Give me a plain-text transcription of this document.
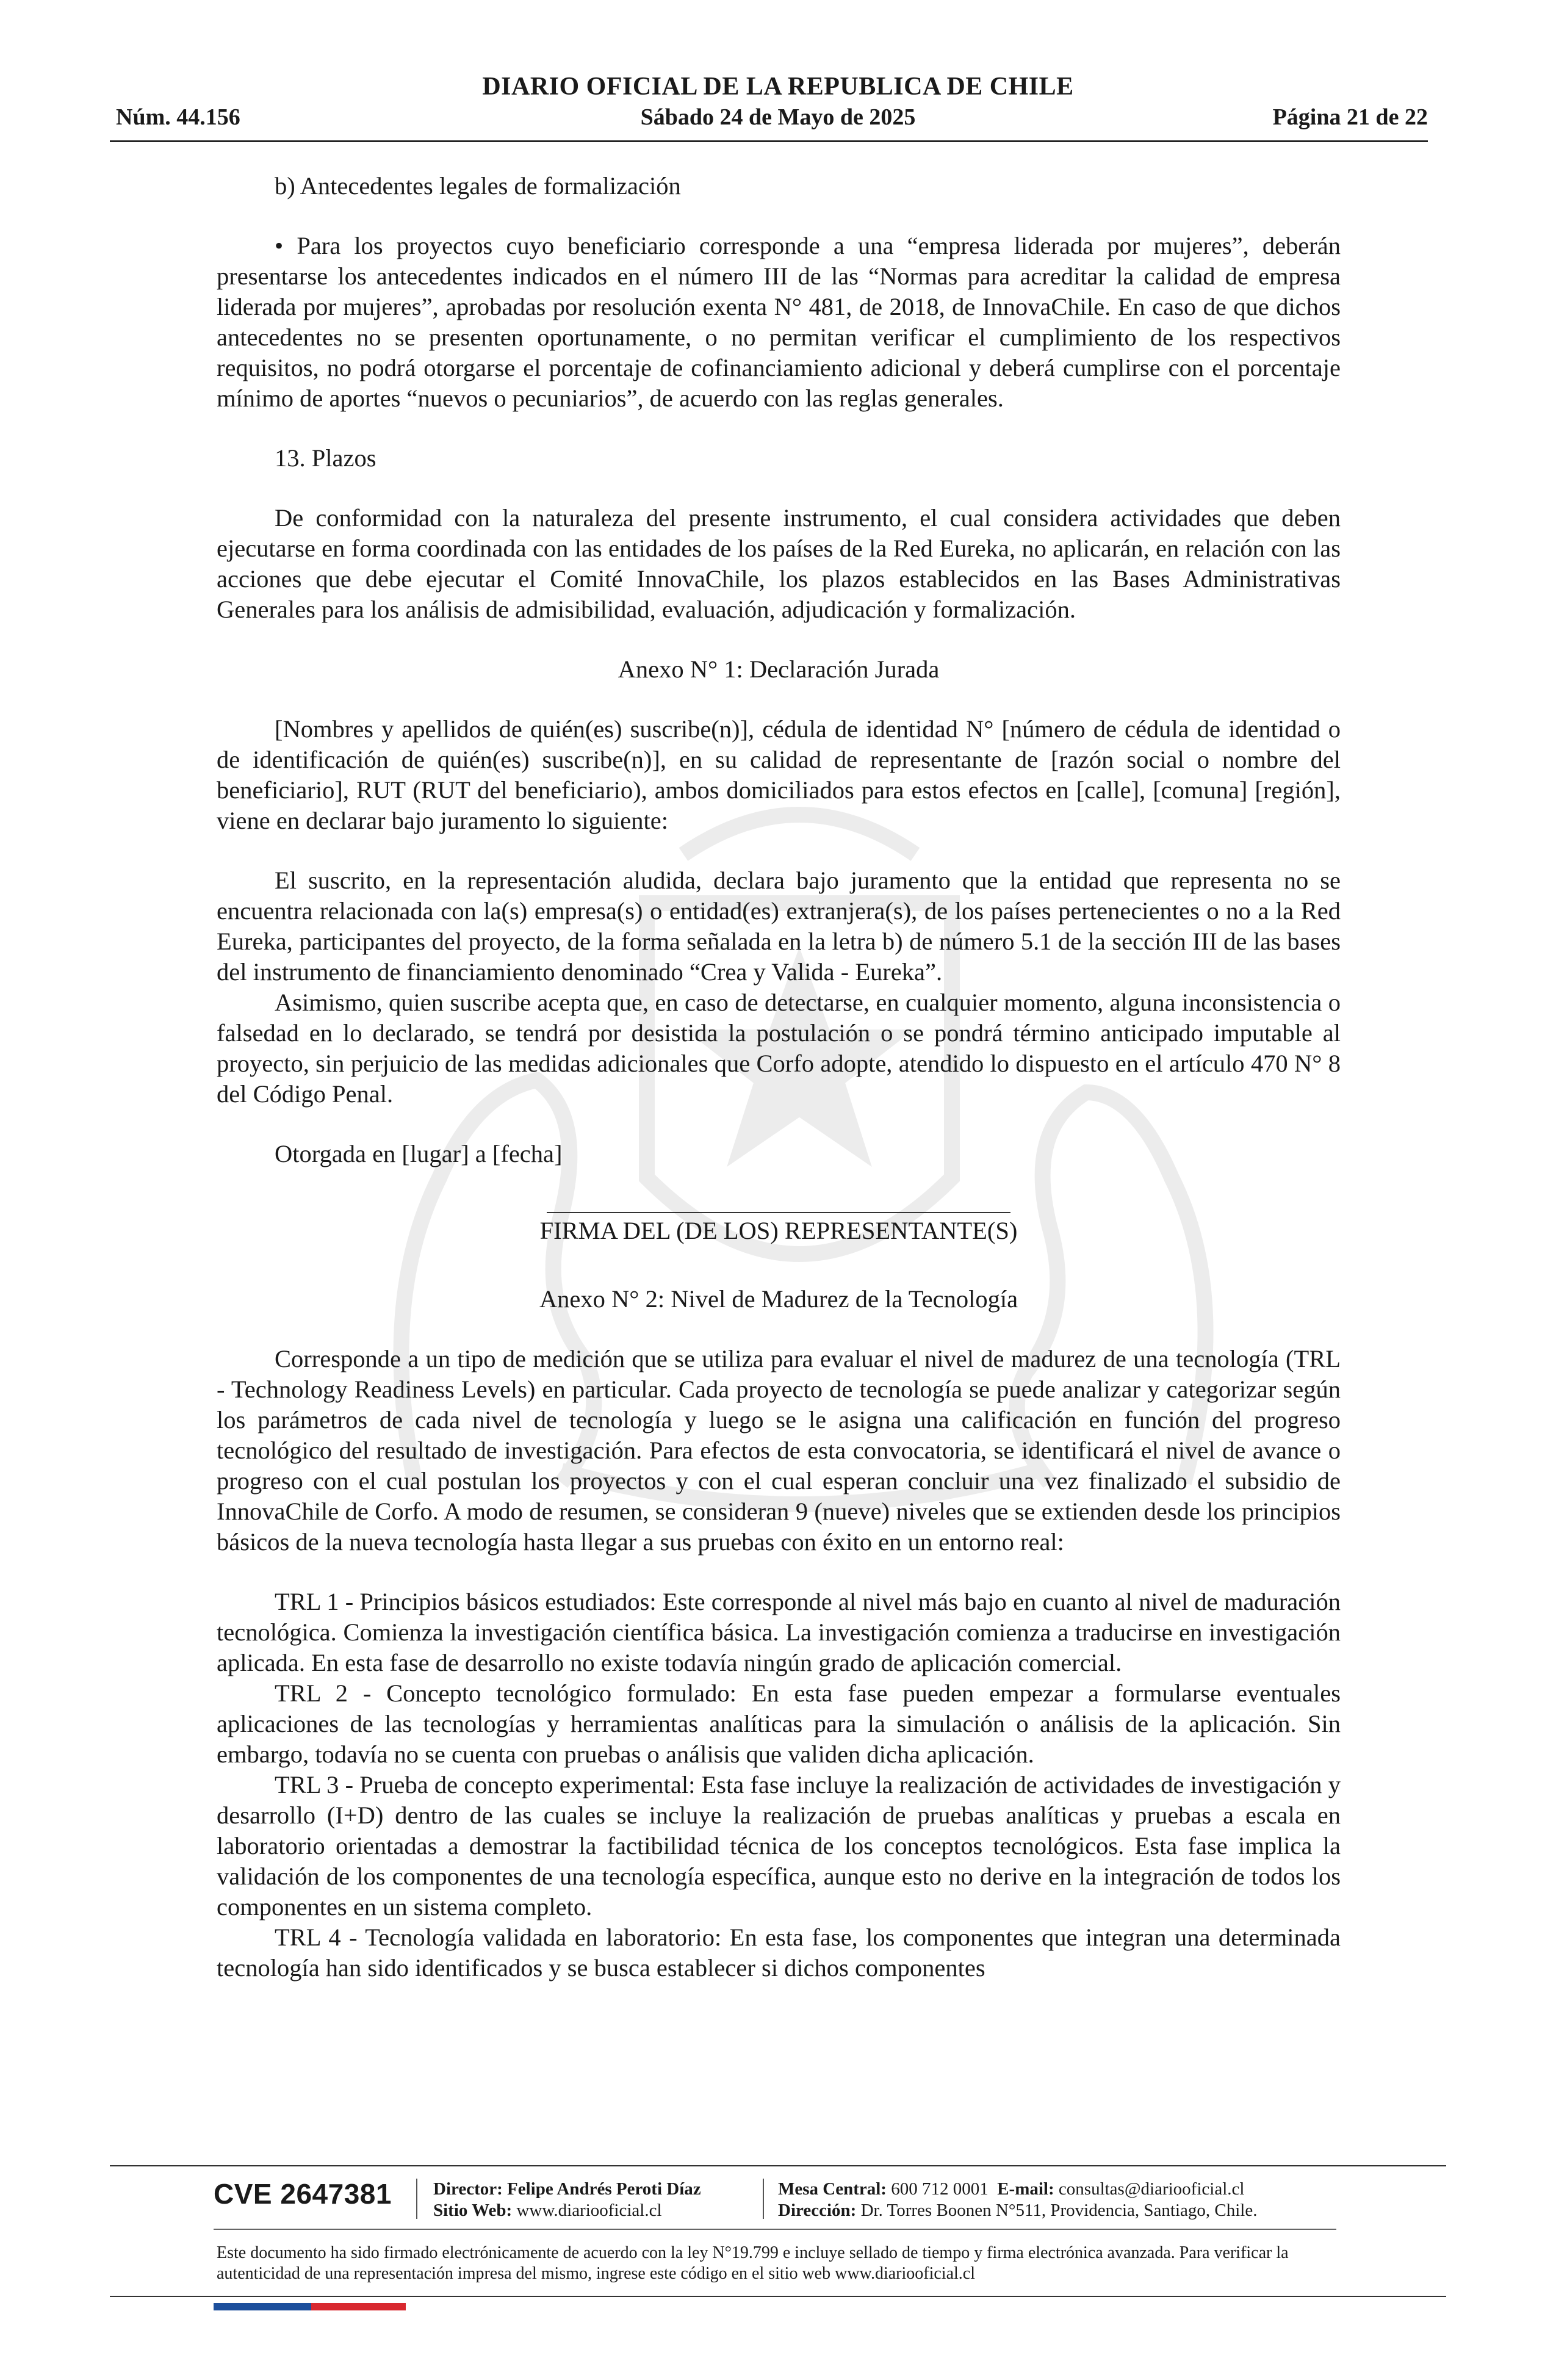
DIARIO OFICIAL DE LA REPUBLICA DE CHILE
Núm. 44.156	Sábado 24 de Mayo de 2025	Página 21 de 22

b) Antecedentes legales de formalización

• Para los proyectos cuyo beneficiario corresponde a una “empresa liderada por mujeres”, deberán presentarse los antecedentes indicados en el número III de las “Normas para acreditar la calidad de empresa liderada por mujeres”, aprobadas por resolución exenta N° 481, de 2018, de InnovaChile. En caso de que dichos antecedentes no se presenten oportunamente, o no permitan verificar el cumplimiento de los respectivos requisitos, no podrá otorgarse el porcentaje de cofinanciamiento adicional y deberá cumplirse con el porcentaje mínimo de aportes “nuevos o pecuniarios”, de acuerdo con las reglas generales.

13. Plazos

De conformidad con la naturaleza del presente instrumento, el cual considera actividades que deben ejecutarse en forma coordinada con las entidades de los países de la Red Eureka, no aplicarán, en relación con las acciones que debe ejecutar el Comité InnovaChile, los plazos establecidos en las Bases Administrativas Generales para los análisis de admisibilidad, evaluación, adjudicación y formalización.

Anexo N° 1: Declaración Jurada

[Nombres y apellidos de quién(es) suscribe(n)], cédula de identidad N° [número de cédula de identidad o de identificación de quién(es) suscribe(n)], en su calidad de representante de [razón social o nombre del beneficiario], RUT (RUT del beneficiario), ambos domiciliados para estos efectos en [calle], [comuna] [región], viene en declarar bajo juramento lo siguiente:

El suscrito, en la representación aludida, declara bajo juramento que la entidad que representa no se encuentra relacionada con la(s) empresa(s) o entidad(es) extranjera(s), de los países pertenecientes o no a la Red Eureka, participantes del proyecto, de la forma señalada en la letra b) de número 5.1 de la sección III de las bases del instrumento de financiamiento denominado “Crea y Valida - Eureka”.

Asimismo, quien suscribe acepta que, en caso de detectarse, en cualquier momento, alguna inconsistencia o falsedad en lo declarado, se tendrá por desistida la postulación o se pondrá término anticipado imputable al proyecto, sin perjuicio de las medidas adicionales que Corfo adopte, atendido lo dispuesto en el artículo 470 N° 8 del Código Penal.

Otorgada en [lugar] a [fecha]

FIRMA DEL (DE LOS) REPRESENTANTE(S)

Anexo N° 2: Nivel de Madurez de la Tecnología

Corresponde a un tipo de medición que se utiliza para evaluar el nivel de madurez de una tecnología (TRL - Technology Readiness Levels) en particular. Cada proyecto de tecnología se puede analizar y categorizar según los parámetros de cada nivel de tecnología y luego se le asigna una calificación en función del progreso tecnológico del resultado de investigación. Para efectos de esta convocatoria, se identificará el nivel de avance o progreso con el cual postulan los proyectos y con el cual esperan concluir una vez finalizado el subsidio de InnovaChile de Corfo. A modo de resumen, se consideran 9 (nueve) niveles que se extienden desde los principios básicos de la nueva tecnología hasta llegar a sus pruebas con éxito en un entorno real:

TRL 1 - Principios básicos estudiados: Este corresponde al nivel más bajo en cuanto al nivel de maduración tecnológica. Comienza la investigación científica básica. La investigación comienza a traducirse en investigación aplicada. En esta fase de desarrollo no existe todavía ningún grado de aplicación comercial.

TRL 2 - Concepto tecnológico formulado: En esta fase pueden empezar a formularse eventuales aplicaciones de las tecnologías y herramientas analíticas para la simulación o análisis de la aplicación. Sin embargo, todavía no se cuenta con pruebas o análisis que validen dicha aplicación.

TRL 3 - Prueba de concepto experimental: Esta fase incluye la realización de actividades de investigación y desarrollo (I+D) dentro de las cuales se incluye la realización de pruebas analíticas y pruebas a escala en laboratorio orientadas a demostrar la factibilidad técnica de los conceptos tecnológicos. Esta fase implica la validación de los componentes de una tecnología específica, aunque esto no derive en la integración de todos los componentes en un sistema completo.

TRL 4 - Tecnología validada en laboratorio: En esta fase, los componentes que integran una determinada tecnología han sido identificados y se busca establecer si dichos componentes

CVE 2647381 Director: Felipe Andrés Peroti Díaz
Sitio Web: www.diariooficial.cl
Mesa Central: 600 712 0001 E-mail: consultas@diariooficial.cl
Dirección: Dr. Torres Boonen N°511, Providencia, Santiago, Chile.
Este documento ha sido firmado electrónicamente de acuerdo con la ley N°19.799 e incluye sellado de tiempo y firma electrónica avanzada. Para verificar la autenticidad de una representación impresa del mismo, ingrese este código en el sitio web www.diariooficial.cl
